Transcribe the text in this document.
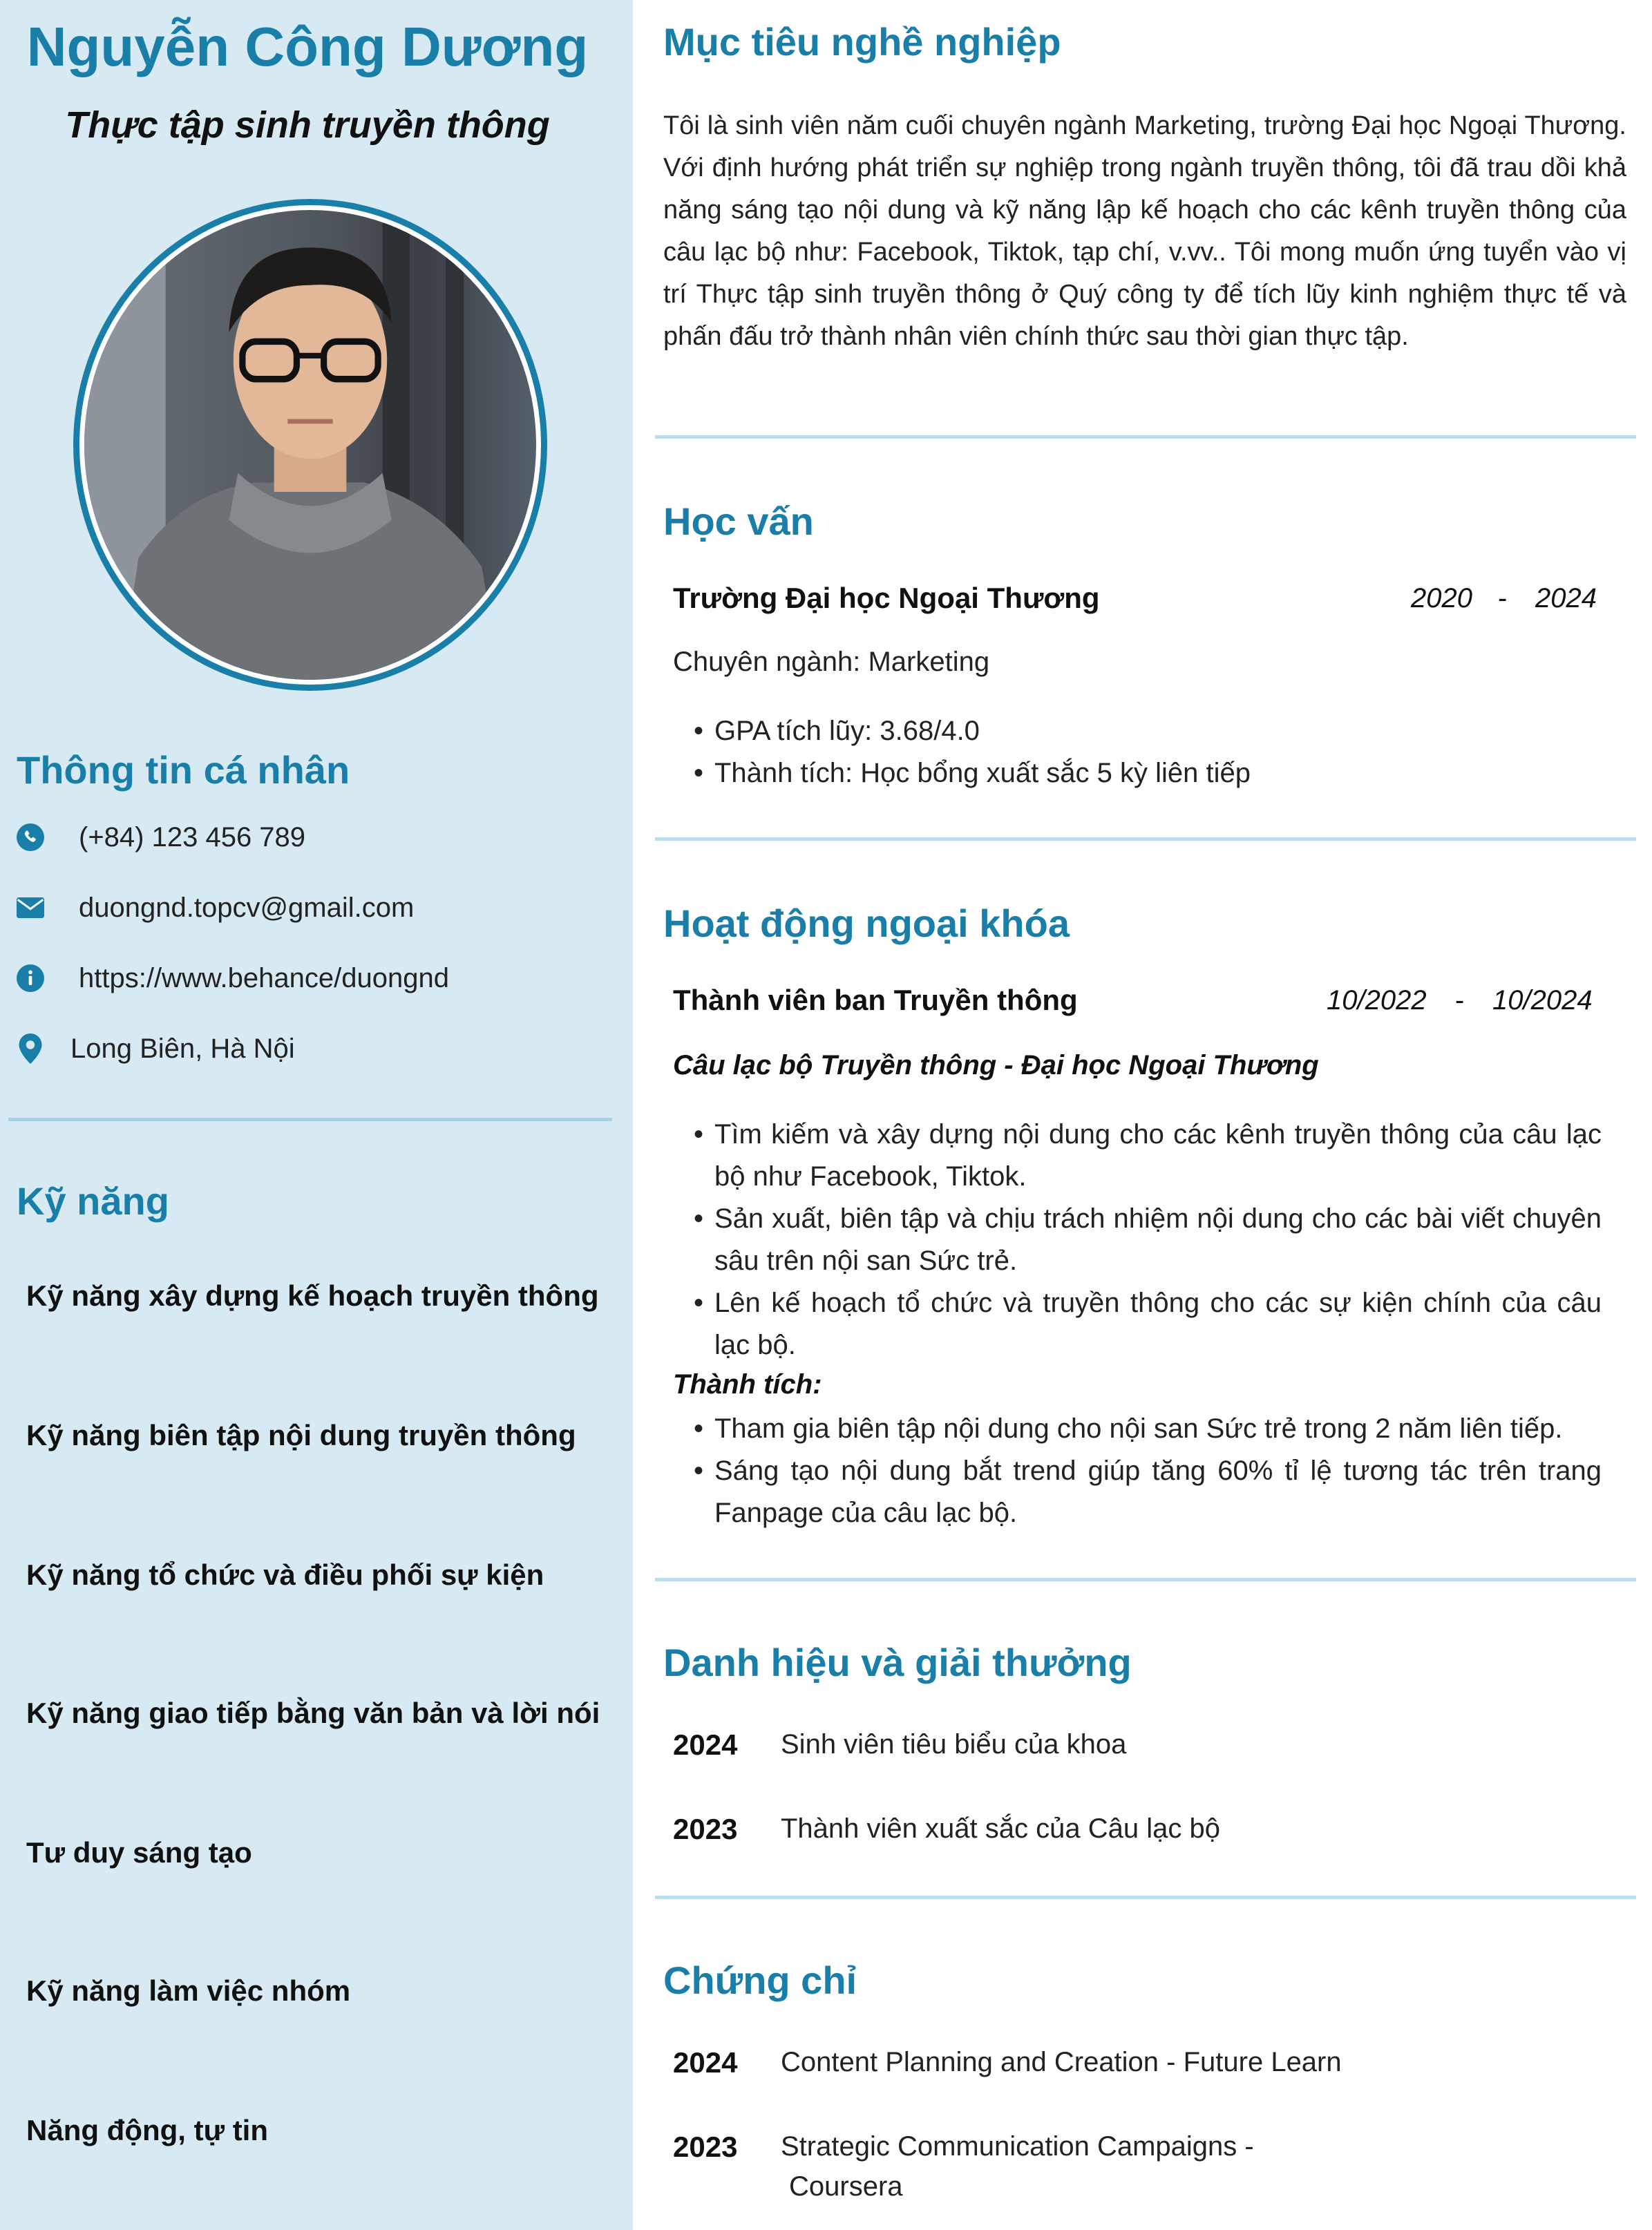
Nguyễn Công Dương
Thực tập sinh truyền thông
Thông tin cá nhân
(+84) 123 456 789
duongnd.topcv@gmail.com
https://www.behance/duongnd
Long Biên, Hà Nội
Kỹ năng
Kỹ năng xây dựng kế hoạch truyền thông
Kỹ năng biên tập nội dung truyền thông
Kỹ năng tổ chức và điều phối sự kiện
Kỹ năng giao tiếp bằng văn bản và lời nói
Tư duy sáng tạo
Kỹ năng làm việc nhóm
Năng động, tự tin
Mục tiêu nghề nghiệp
Tôi là sinh viên năm cuối chuyên ngành Marketing, trường Đại học Ngoại Thương. Với định hướng phát triển sự nghiệp trong ngành truyền thông, tôi đã trau dồi khả năng sáng tạo nội dung và kỹ năng lập kế hoạch cho các kênh truyền thông của câu lạc bộ như: Facebook, Tiktok, tạp chí, v.vv.. Tôi mong muốn ứng tuyển vào vị trí Thực tập sinh truyền thông ở Quý công ty để tích lũy kinh nghiệm thực tế và phấn đấu trở thành nhân viên chính thức sau thời gian thực tập.
Học vấn
Trường Đại học Ngoại Thương	2020 - 2024
Chuyên ngành: Marketing
• GPA tích lũy: 3.68/4.0
• Thành tích: Học bổng xuất sắc 5 kỳ liên tiếp
Hoạt động ngoại khóa
Thành viên ban Truyền thông	10/2022 - 10/2024
Câu lạc bộ Truyền thông - Đại học Ngoại Thương
• Tìm kiếm và xây dựng nội dung cho các kênh truyền thông của câu lạc bộ như Facebook, Tiktok.
• Sản xuất, biên tập và chịu trách nhiệm nội dung cho các bài viết chuyên sâu trên nội san Sức trẻ.
• Lên kế hoạch tổ chức và truyền thông cho các sự kiện chính của câu lạc bộ.
Thành tích:
• Tham gia biên tập nội dung cho nội san Sức trẻ trong 2 năm liên tiếp.
• Sáng tạo nội dung bắt trend giúp tăng 60% tỉ lệ tương tác trên trang Fanpage của câu lạc bộ.
Danh hiệu và giải thưởng
2024 Sinh viên tiêu biểu của khoa
2023 Thành viên xuất sắc của Câu lạc bộ
Chứng chỉ
2024 Content Planning and Creation - Future Learn
2023 Strategic Communication Campaigns -
Coursera
